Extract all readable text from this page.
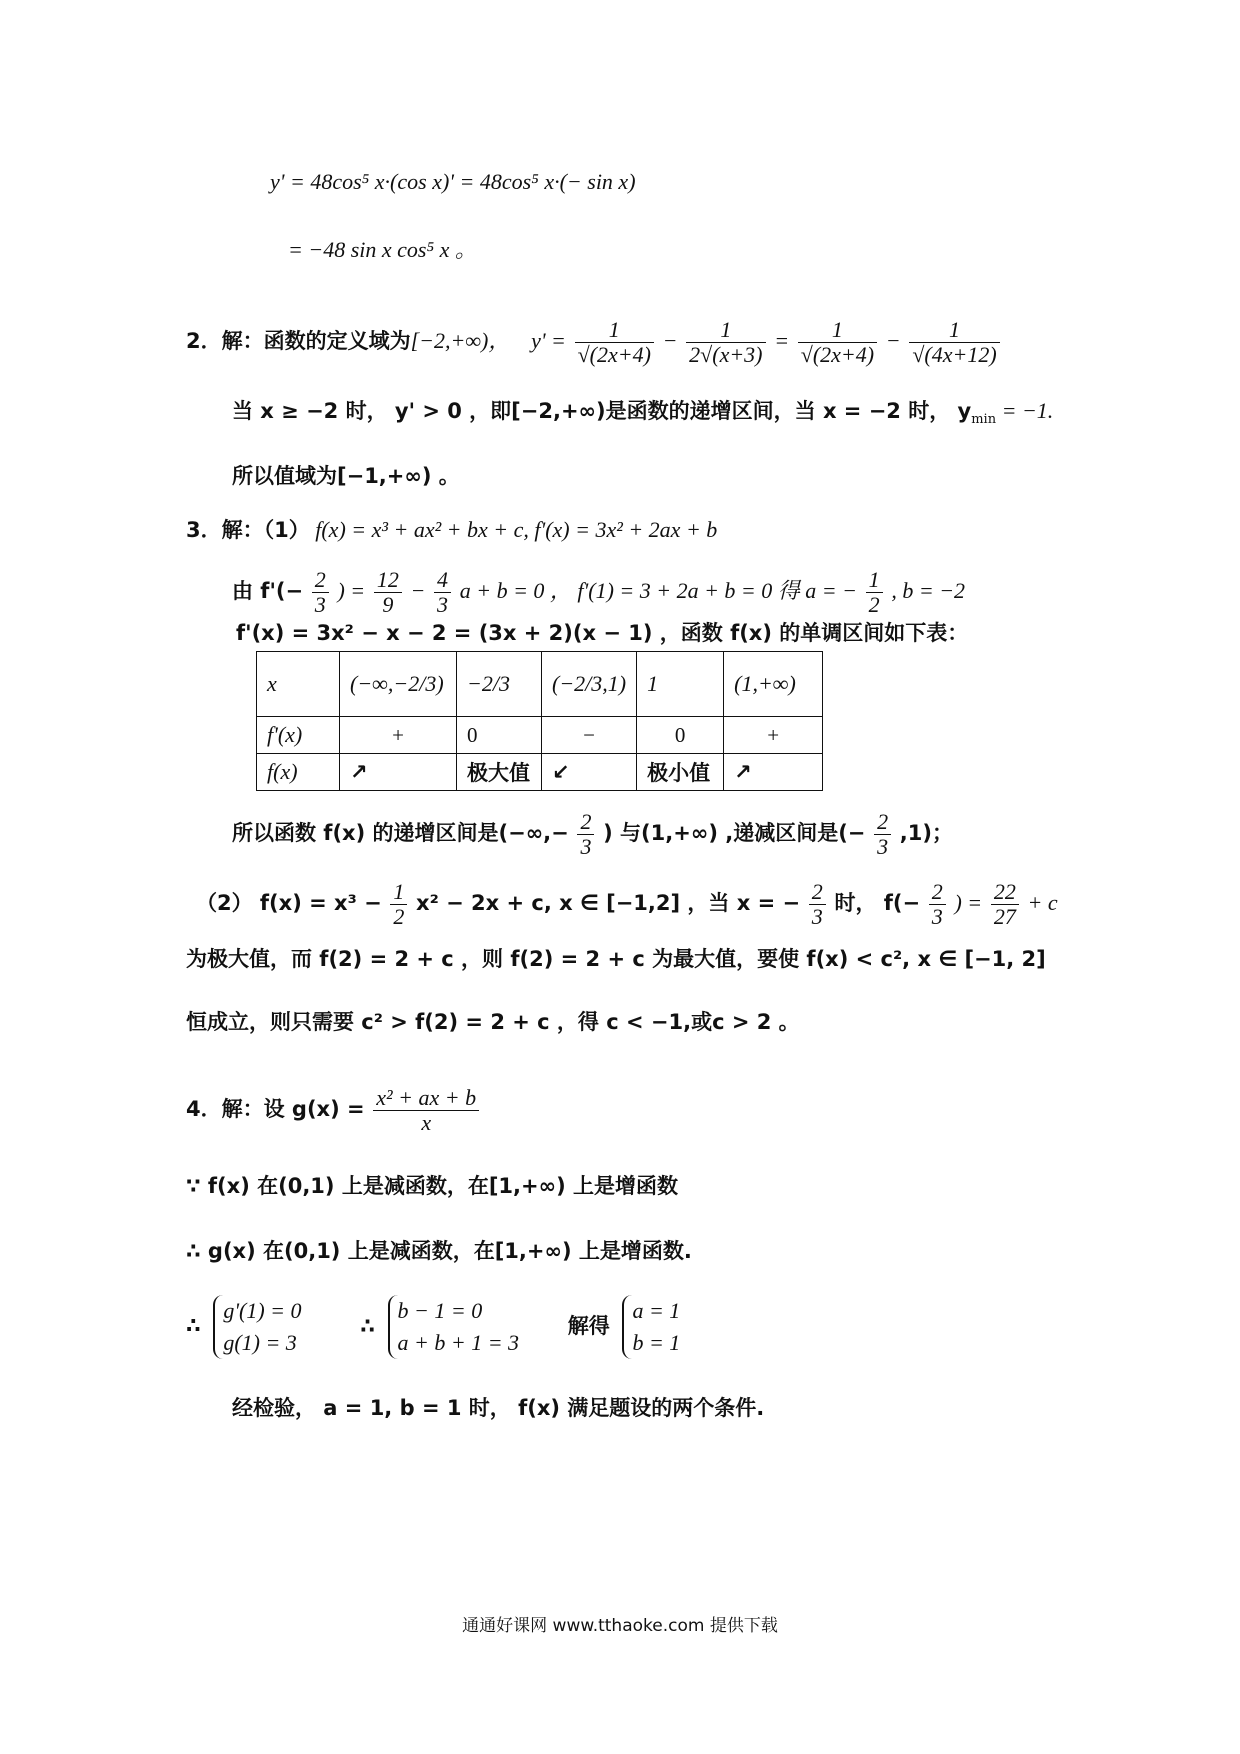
y' = 48cos⁵ x·(cos x)' = 48cos⁵ x·(− sin x)
= −48 sin x cos⁵ x 。
2．解：函数的定义域为[−2,+∞)， $y' = \frac{1}{√(2x+4)} - \frac{1}{2√(x+3)} = \frac{1}{√(2x+4)} - \frac{1}{√(4x+12)}$
当 x ≥ −2 时， y' > 0 ，即[−2,+∞)是函数的递增区间，当 x = −2 时， $y_{min} = -1$.
所以值域为[−1,+∞) 。
3．解：（1） f(x) = x³ + ax² + bx + c, f'(x) = 3x² + 2ax + b
由 $f'(- \frac{2}{3}$ ) = $\frac{12}{9} - \frac{4}{3}$ a + b = 0 ， f'(1) = 3 + 2a + b = 0 得 a = − $\frac{1}{2}$ , b = −2
f'(x) = 3x² − x − 2 = (3x + 2)(x − 1) ，函数 f(x) 的单调区间如下表：
x	(−∞,−2/3)	−2/3	(−2/3,1)	1	(1,+∞)
f'(x)	+	0	−	0	+
f(x)	↗	极大值	↙	极小值	↗
所以函数 f(x) 的递增区间是(−∞,− $\frac{2}{3}$ ) 与(1,+∞) ,递减区间是(− $\frac{2}{3} ,1$)；
（2） $f(x) = x^3 - \frac{1}{2} x^2 - 2x + c$, x ∈ [−1,2] ，当 x = − $\frac{2}{3}$ 时， $f(- \frac{2}{3}$ ) = $\frac{22}{27} + c$
为极大值，而 f(2) = 2 + c ，则 f(2) = 2 + c 为最大值，要使 f(x) < c², x ∈ [−1, 2]
恒成立，则只需要 c² > f(2) = 2 + c ，得 c < −1,或c > 2 。
4．解：设 $g(x) = \frac{\text{x² + ax + b}}{x}$
∵ f(x) 在(0,1) 上是减函数，在[1,+∞) 上是增函数
∴ g(x) 在(0,1) 上是减函数，在[1,+∞) 上是增函数.
∴
g'(1) = 0
g(1) = 3
∴
b − 1 = 0
a + b + 1 = 3
解得
a = 1
b = 1
经检验， a = 1, b = 1 时， f(x) 满足题设的两个条件.
通通好课网 www.tthaoke.com 提供下载
